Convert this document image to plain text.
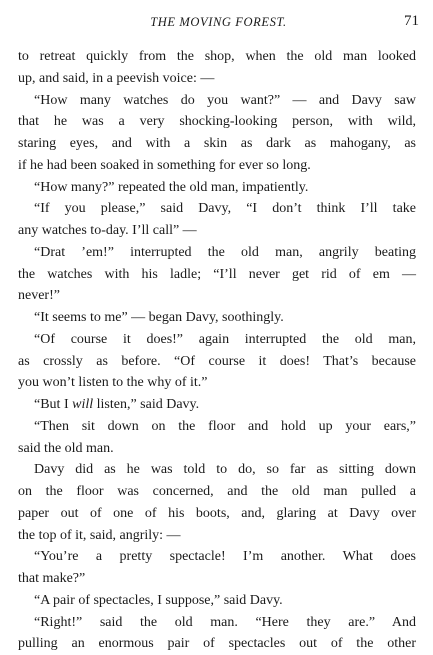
THE MOVING FOREST.	71
to retreat quickly from the shop, when the old man looked
up, and said, in a peevish voice: —
“How many watches do you want?” — and Davy saw
that he was a very shocking-looking person, with wild,
staring eyes, and with a skin as dark as mahogany, as
if he had been soaked in something for ever so long.
“How many?” repeated the old man, impatiently.
“If you please,” said Davy, “I don’t think I’ll take
any watches to-day. I’ll call” —
“Drat ’em!” interrupted the old man, angrily beating
the watches with his ladle; “I’ll never get rid of em —
never!”
“It seems to me” — began Davy, soothingly.
“Of course it does!” again interrupted the old man,
as crossly as before. “Of course it does! That’s because
you won’t listen to the why of it.”
“But I will listen,” said Davy.
“Then sit down on the floor and hold up your ears,”
said the old man.
Davy did as he was told to do, so far as sitting down
on the floor was concerned, and the old man pulled a
paper out of one of his boots, and, glaring at Davy over
the top of it, said, angrily: —
“You’re a pretty spectacle! I’m another. What does
that make?”
“A pair of spectacles, I suppose,” said Davy.
“Right!” said the old man. “Here they are.” And
pulling an enormous pair of spectacles out of the other
